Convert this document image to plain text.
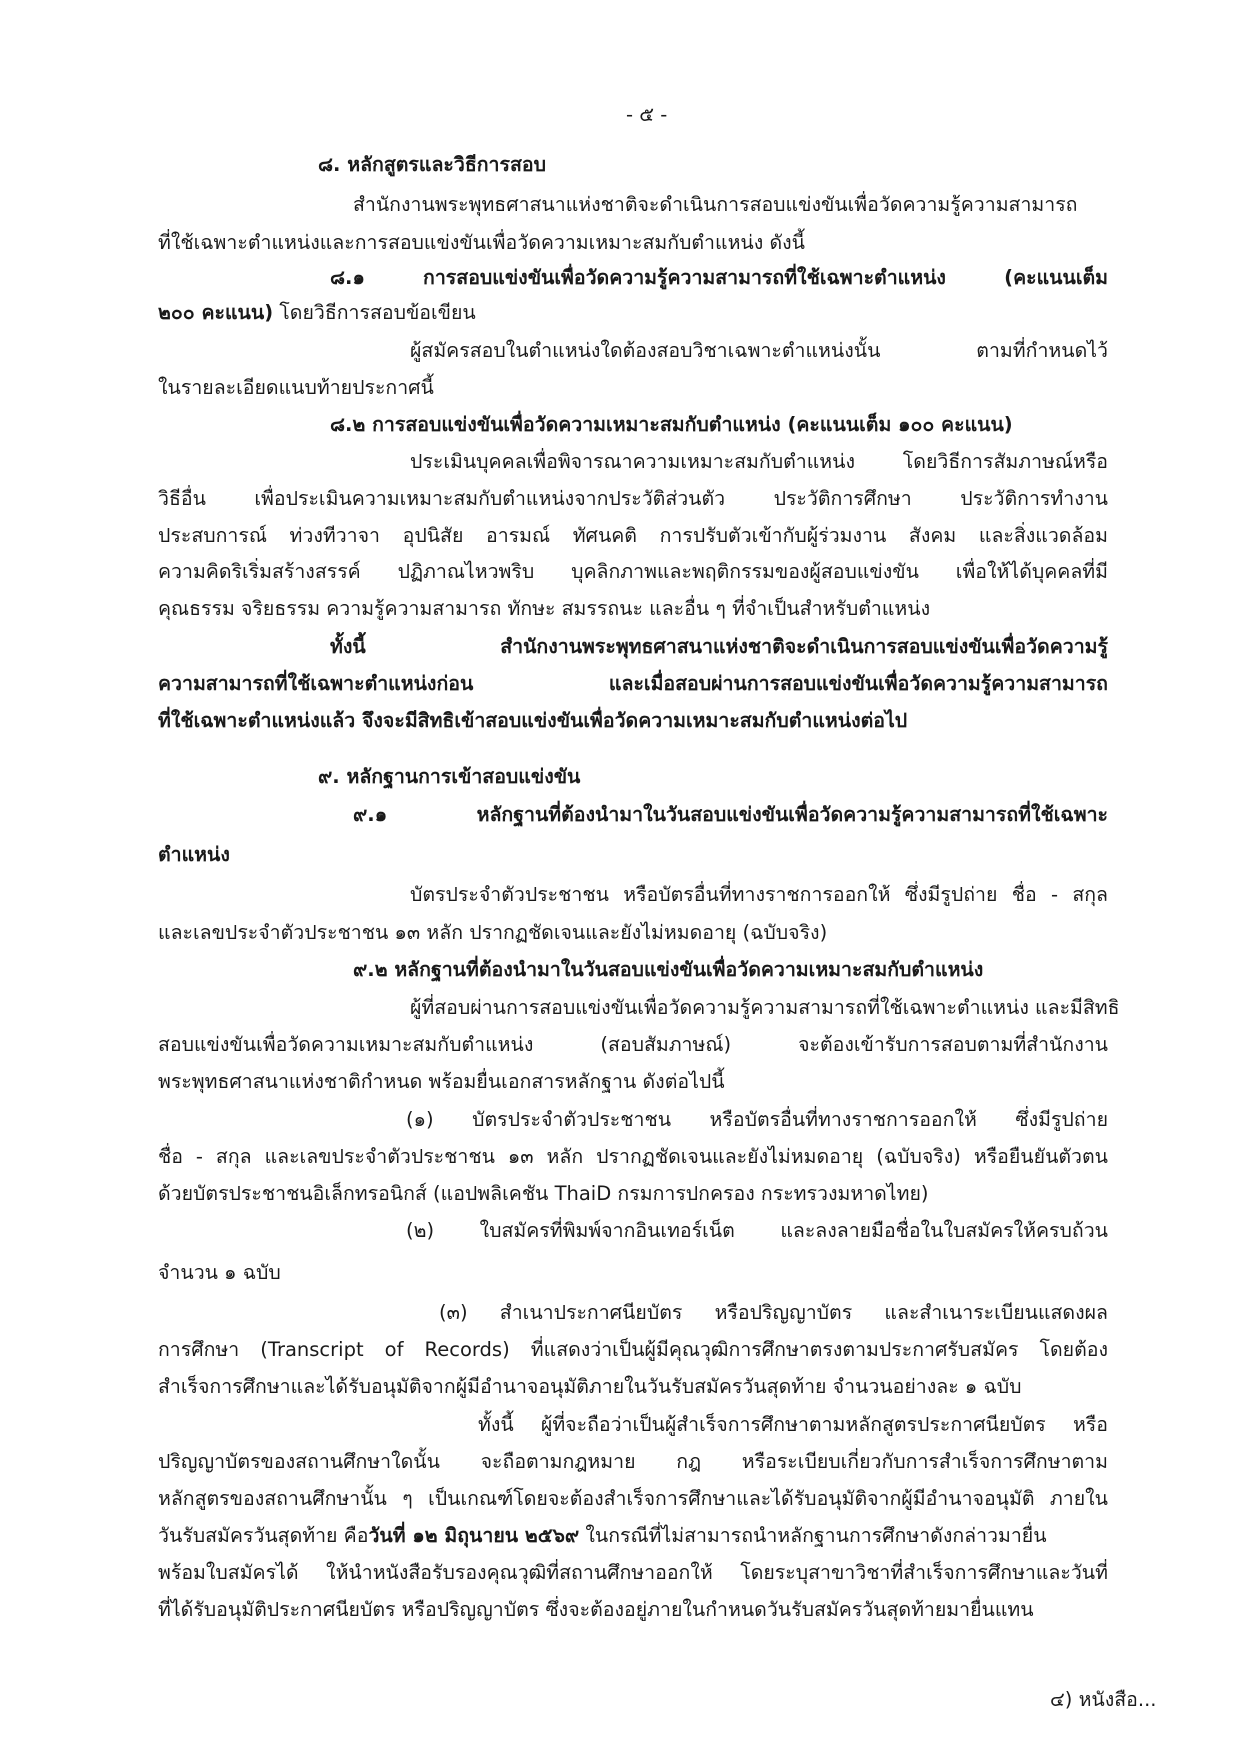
- ๕ -
๘. หลักสูตรและวิธีการสอบ
สำนักงานพระพุทธศาสนาแห่งชาติจะดำเนินการสอบแข่งขันเพื่อวัดความรู้ความสามารถ
ที่ใช้เฉพาะตำแหน่งและการสอบแข่งขันเพื่อวัดความเหมาะสมกับตำแหน่ง ดังนี้
๘.๑ การสอบแข่งขันเพื่อวัดความรู้ความสามารถที่ใช้เฉพาะตำแหน่ง (คะแนนเต็ม
๒๐๐ คะแนน) โดยวิธีการสอบข้อเขียน
ผู้สมัครสอบในตำแหน่งใดต้องสอบวิชาเฉพาะตำแหน่งนั้น ตามที่กำหนดไว้
ในรายละเอียดแนบท้ายประกาศนี้
๘.๒ การสอบแข่งขันเพื่อวัดความเหมาะสมกับตำแหน่ง (คะแนนเต็ม ๑๐๐ คะแนน)
ประเมินบุคคลเพื่อพิจารณาความเหมาะสมกับตำแหน่ง โดยวิธีการสัมภาษณ์หรือ
วิธีอื่น เพื่อประเมินความเหมาะสมกับตำแหน่งจากประวัติส่วนตัว ประวัติการศึกษา ประวัติการทำงาน
ประสบการณ์ ท่วงทีวาจา อุปนิสัย อารมณ์ ทัศนคติ การปรับตัวเข้ากับผู้ร่วมงาน สังคม และสิ่งแวดล้อม
ความคิดริเริ่มสร้างสรรค์ ปฏิภาณไหวพริบ บุคลิกภาพและพฤติกรรมของผู้สอบแข่งขัน เพื่อให้ได้บุคคลที่มี
คุณธรรม จริยธรรม ความรู้ความสามารถ ทักษะ สมรรถนะ และอื่น ๆ ที่จำเป็นสำหรับตำแหน่ง
ทั้งนี้ สำนักงานพระพุทธศาสนาแห่งชาติจะดำเนินการสอบแข่งขันเพื่อวัดความรู้
ความสามารถที่ใช้เฉพาะตำแหน่งก่อน และเมื่อสอบผ่านการสอบแข่งขันเพื่อวัดความรู้ความสามารถ
ที่ใช้เฉพาะตำแหน่งแล้ว จึงจะมีสิทธิเข้าสอบแข่งขันเพื่อวัดความเหมาะสมกับตำแหน่งต่อไป
๙. หลักฐานการเข้าสอบแข่งขัน
๙.๑ หลักฐานที่ต้องนำมาในวันสอบแข่งขันเพื่อวัดความรู้ความสามารถที่ใช้เฉพาะ
ตำแหน่ง
บัตรประจำตัวประชาชน หรือบัตรอื่นที่ทางราชการออกให้ ซึ่งมีรูปถ่าย ชื่อ - สกุล
และเลขประจำตัวประชาชน ๑๓ หลัก ปรากฏชัดเจนและยังไม่หมดอายุ (ฉบับจริง)
๙.๒ หลักฐานที่ต้องนำมาในวันสอบแข่งขันเพื่อวัดความเหมาะสมกับตำแหน่ง
ผู้ที่สอบผ่านการสอบแข่งขันเพื่อวัดความรู้ความสามารถที่ใช้เฉพาะตำแหน่ง และมีสิทธิ
สอบแข่งขันเพื่อวัดความเหมาะสมกับตำแหน่ง (สอบสัมภาษณ์) จะต้องเข้ารับการสอบตามที่สำนักงาน
พระพุทธศาสนาแห่งชาติกำหนด พร้อมยื่นเอกสารหลักฐาน ดังต่อไปนี้
(๑) บัตรประจำตัวประชาชน หรือบัตรอื่นที่ทางราชการออกให้ ซึ่งมีรูปถ่าย
ชื่อ - สกุล และเลขประจำตัวประชาชน ๑๓ หลัก ปรากฏชัดเจนและยังไม่หมดอายุ (ฉบับจริง) หรือยืนยันตัวตน
ด้วยบัตรประชาชนอิเล็กทรอนิกส์ (แอปพลิเคชัน ThaiD กรมการปกครอง กระทรวงมหาดไทย)
(๒) ใบสมัครที่พิมพ์จากอินเทอร์เน็ต และลงลายมือชื่อในใบสมัครให้ครบถ้วน
จำนวน ๑ ฉบับ
(๓) สำเนาประกาศนียบัตร หรือปริญญาบัตร และสำเนาระเบียนแสดงผล
การศึกษา (Transcript of Records) ที่แสดงว่าเป็นผู้มีคุณวุฒิการศึกษาตรงตามประกาศรับสมัคร โดยต้อง
สำเร็จการศึกษาและได้รับอนุมัติจากผู้มีอำนาจอนุมัติภายในวันรับสมัครวันสุดท้าย จำนวนอย่างละ ๑ ฉบับ
ทั้งนี้ ผู้ที่จะถือว่าเป็นผู้สำเร็จการศึกษาตามหลักสูตรประกาศนียบัตร หรือ
ปริญญาบัตรของสถานศึกษาใดนั้น จะถือตามกฎหมาย กฎ หรือระเบียบเกี่ยวกับการสำเร็จการศึกษาตาม
หลักสูตรของสถานศึกษานั้น ๆ เป็นเกณฑ์โดยจะต้องสำเร็จการศึกษาและได้รับอนุมัติจากผู้มีอำนาจอนุมัติ ภายใน
วันรับสมัครวันสุดท้าย คือวันที่ ๑๒ มิถุนายน ๒๕๖๙ ในกรณีที่ไม่สามารถนำหลักฐานการศึกษาดังกล่าวมายื่น
พร้อมใบสมัครได้ ให้นำหนังสือรับรองคุณวุฒิที่สถานศึกษาออกให้ โดยระบุสาขาวิชาที่สำเร็จการศึกษาและวันที่
ที่ได้รับอนุมัติประกาศนียบัตร หรือปริญญาบัตร ซึ่งจะต้องอยู่ภายในกำหนดวันรับสมัครวันสุดท้ายมายื่นแทน
๔) หนังสือ...
